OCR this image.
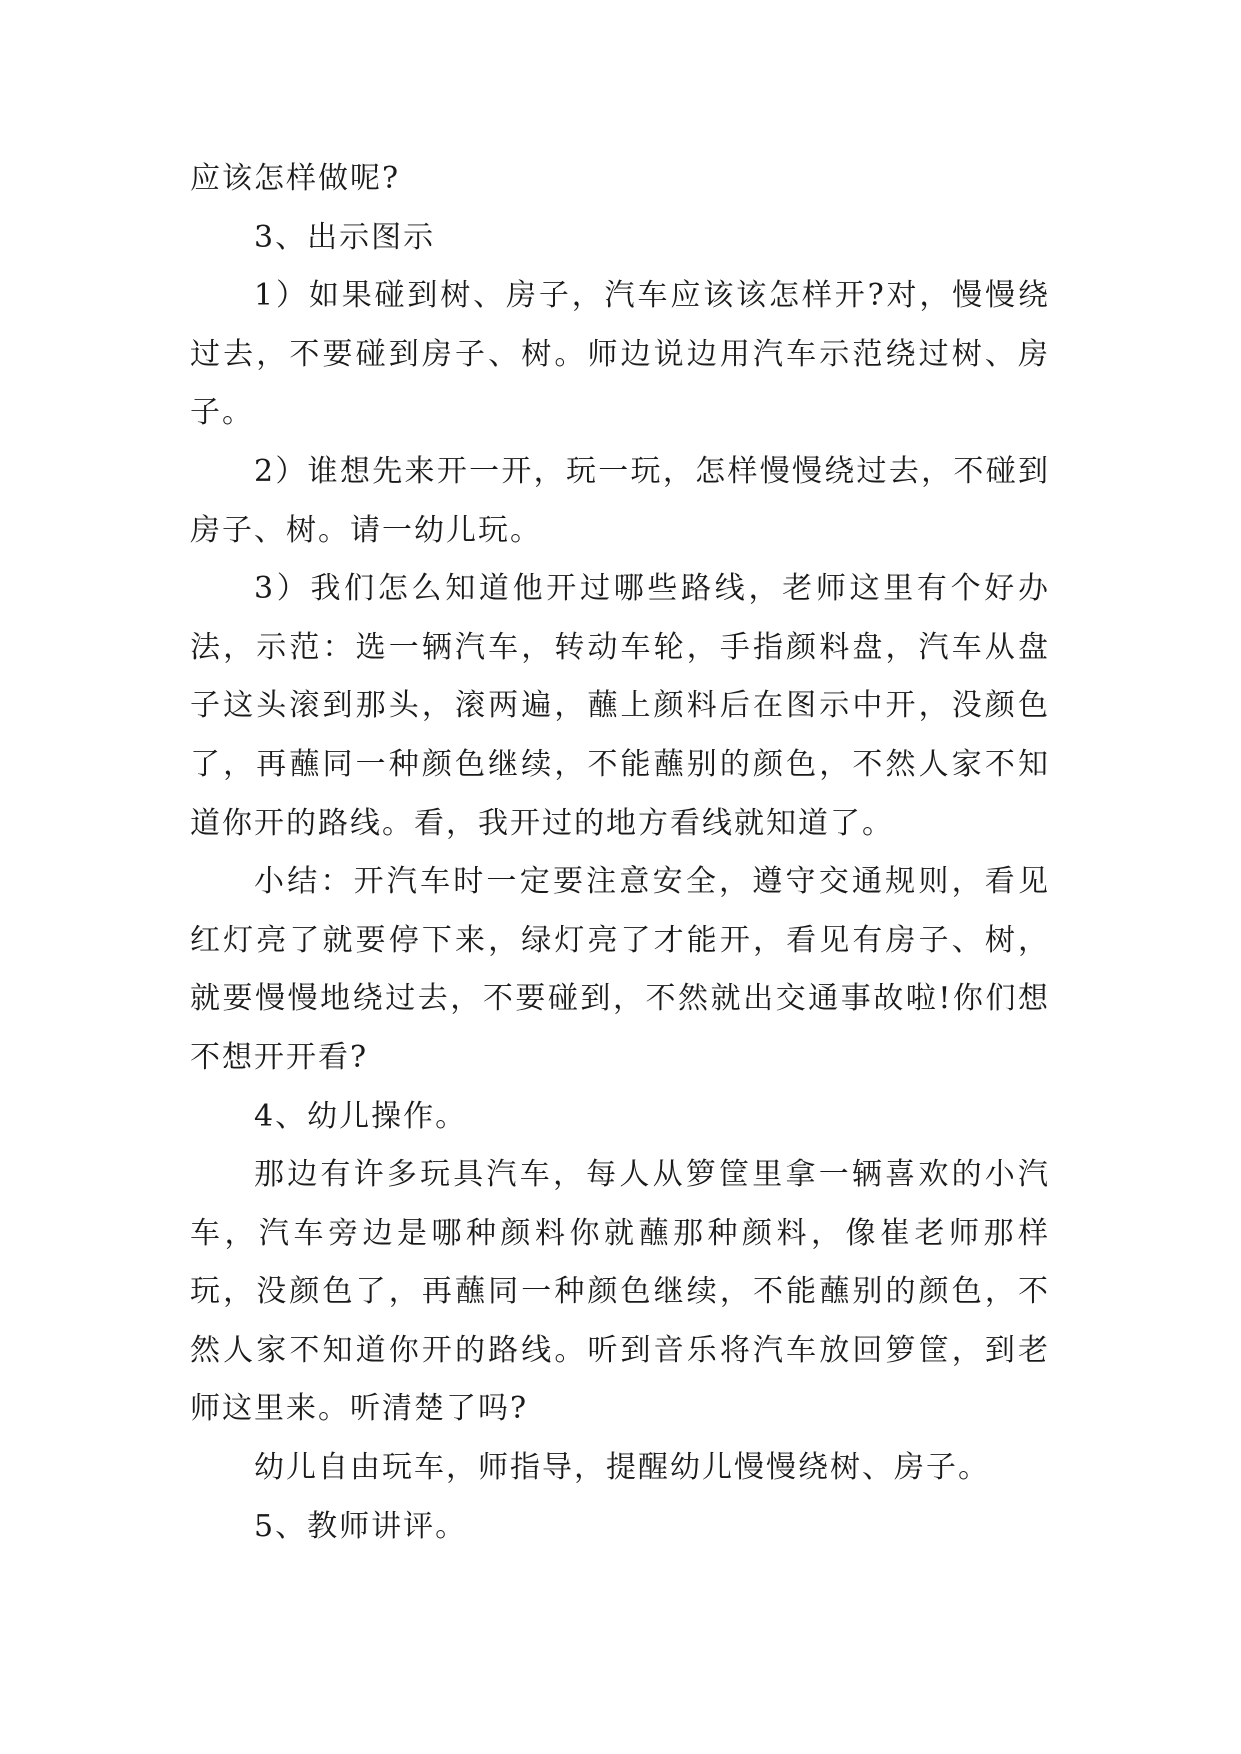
应该怎样做呢?

3、出示图示

1）如果碰到树、房子，汽车应该该怎样开?对，慢慢绕过去，不要碰到房子、树。师边说边用汽车示范绕过树、房子。

2）谁想先来开一开，玩一玩，怎样慢慢绕过去，不碰到房子、树。请一幼儿玩。

3）我们怎么知道他开过哪些路线，老师这里有个好办法，示范：选一辆汽车，转动车轮，手指颜料盘，汽车从盘子这头滚到那头，滚两遍，蘸上颜料后在图示中开，没颜色了，再蘸同一种颜色继续，不能蘸别的颜色，不然人家不知道你开的路线。看，我开过的地方看线就知道了。

小结：开汽车时一定要注意安全，遵守交通规则，看见红灯亮了就要停下来，绿灯亮了才能开，看见有房子、树，就要慢慢地绕过去，不要碰到，不然就出交通事故啦!你们想不想开开看?

4、幼儿操作。

那边有许多玩具汽车，每人从箩筐里拿一辆喜欢的小汽车，汽车旁边是哪种颜料你就蘸那种颜料，像崔老师那样玩，没颜色了，再蘸同一种颜色继续，不能蘸别的颜色，不然人家不知道你开的路线。听到音乐将汽车放回箩筐，到老师这里来。听清楚了吗?

幼儿自由玩车，师指导，提醒幼儿慢慢绕树、房子。

5、教师讲评。
